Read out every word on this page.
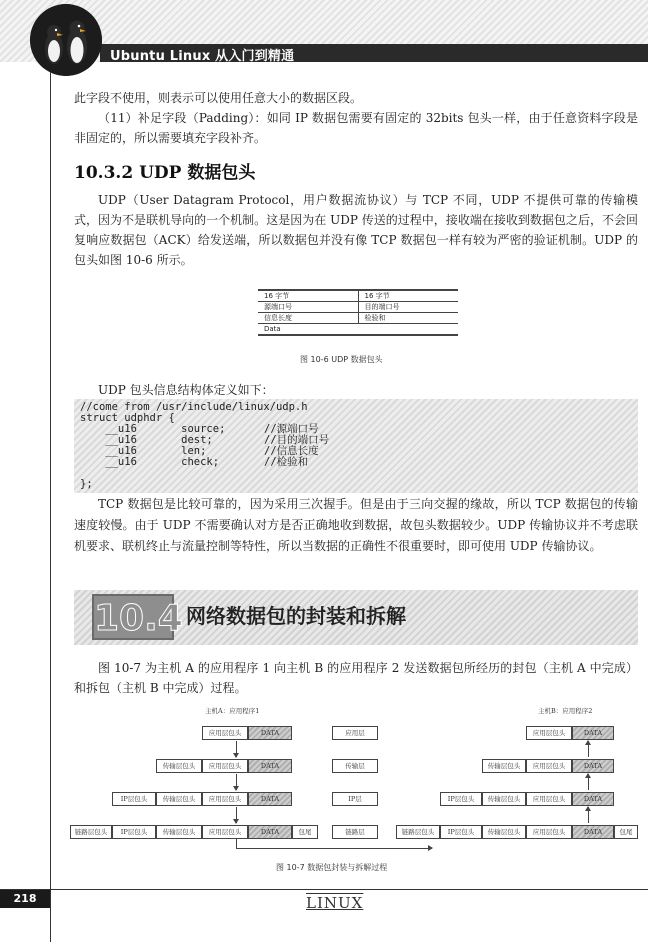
Ubuntu Linux 从入门到精通

此字段不使用，则表示可以使用任意大小的数据区段。

（11）补足字段（Padding）：如同 IP 数据包需要有固定的 32bits 包头一样，由于任意资料字段是非固定的，所以需要填充字段补齐。

10.3.2 UDP 数据包头

UDP（User Datagram Protocol，用户数据流协议）与 TCP 不同，UDP 不提供可靠的传输模式，因为不是联机导向的一个机制。这是因为在 UDP 传送的过程中，接收端在接收到数据包之后，不会回复响应数据包（ACK）给发送端，所以数据包并没有像 TCP 数据包一样有较为严密的验证机制。UDP 的包头如图 10-6 所示。

16 字节	16 字节
源端口号	目的端口号
信息长度	检验和
Data
图 10-6 UDP 数据包头

UDP 包头信息结构体定义如下：

//come from /usr/include/linux/udp.h
struct udphdr {
__u16       source;
__u16       dest;
__u16       len;
__u16       check;
};
//源端口号
//目的端口号
//信息长度
//检验和

TCP 数据包是比较可靠的，因为采用三次握手。但是由于三向交握的缘故，所以 TCP 数据包的传输速度较慢。由于 UDP 不需要确认对方是否正确地收到数据，故包头数据较少。UDP 传输协议并不考虑联机要求、联机终止与流量控制等特性，所以当数据的正确性不很重要时，即可使用 UDP 传输协议。

10.4 网络数据包的封装和拆解

图 10-7 为主机 A 的应用程序 1 向主机 B 的应用程序 2 发送数据包所经历的封包（主机 A 中完成）和拆包（主机 B 中完成）过程。

主机A：应用程序1	主机B：应用程序2
应用层包头	DATA
传输层包头	应用层包头	DATA
IP层包头	传输层包头	应用层包头	DATA
链路层包头	IP层包头	传输层包头	应用层包头	DATA	包尾
应用层
传输层
IP层
链路层
应用层包头	DATA
传输层包头	应用层包头	DATA
IP层包头	传输层包头	应用层包头	DATA
链路层包头	IP层包头	传输层包头	应用层包头	DATA	包尾
图 10-7 数据包封装与拆解过程
218	LINUX
